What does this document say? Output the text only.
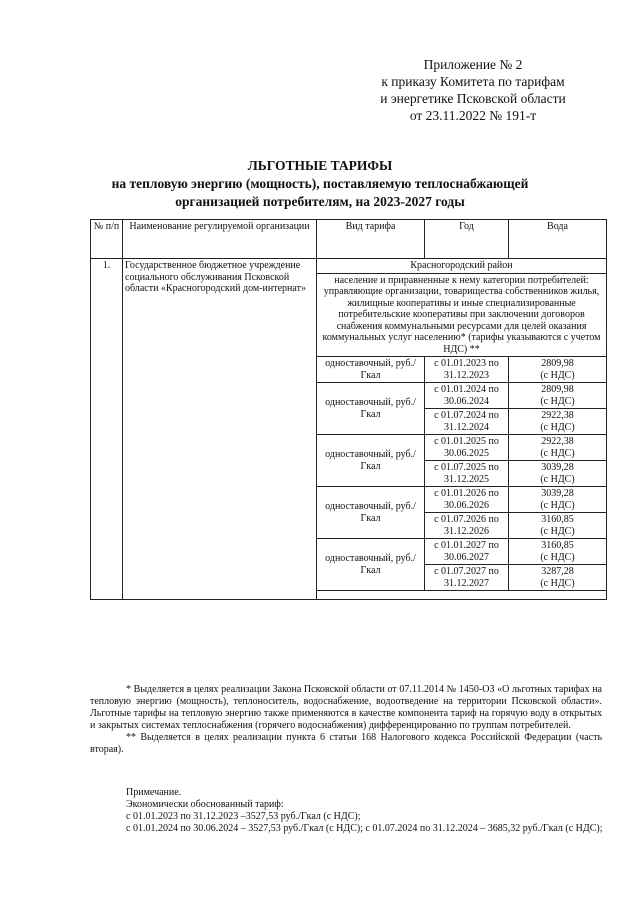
Приложение № 2
к приказу Комитета по тарифам
и энергетике Псковской области
от 23.11.2022 № 191-т
ЛЬГОТНЫЕ ТАРИФЫ
на тепловую энергию (мощность), поставляемую теплоснабжающей
организацией потребителям, на 2023-2027 годы
№ п/п	Наименование регулируемой организации	Вид тарифа	Год	Вода
1.	Государственное бюджетное учреждение социального обслуживания Псковской области «Красногородский дом-интернат»	Красногородский район		
		население и приравненные к нему категории потребителей: управляющие организации, товарищества собственников жилья, жилищные кооперативы и иные специализированные потребительские кооперативы при заключении договоров снабжения коммунальными ресурсами для целей оказания коммунальных услуг населению* (тарифы указываются с учетом НДС) **		
		одноставочный, руб./Гкал	с 01.01.2023 по 31.12.2023	2809,98
(с НДС)
		одноставочный, руб./Гкал	с 01.01.2024 по 30.06.2024	2809,98
(с НДС)
			с 01.07.2024 по 31.12.2024	2922,38
(с НДС)
		одноставочный, руб./Гкал	с 01.01.2025 по 30.06.2025	2922,38
(с НДС)
			с 01.07.2025 по 31.12.2025	3039,28
(с НДС)
		одноставочный, руб./Гкал	с 01.01.2026 по 30.06.2026	3039,28
(с НДС)
			с 01.07.2026 по 31.12.2026	3160,85
(с НДС)
		одноставочный, руб./Гкал	с 01.01.2027 по 30.06.2027	3160,85
(с НДС)
			с 01.07.2027 по 31.12.2027	3287,28
(с НДС)

* Выделяется в целях реализации Закона Псковской области от 07.11.2014 № 1450-ОЗ «О льготных тарифах на тепловую энергию (мощность), теплоноситель, водоснабжение, водоотведение на территории Псковской области». Льготные тарифы на тепловую энергию также применяются в качестве компонента тариф на горячую воду в открытых и закрытых системах теплоснабжения (горячего водоснабжения) дифференцированно по группам потребителей.

** Выделяется в целях реализации пункта 6 статьи 168 Налогового кодекса Российской Федерации (часть вторая).

Примечание.
Экономически обоснованный тариф:
с 01.01.2023 по 31.12.2023 –3527,53 руб./Гкал (с НДС);
с 01.01.2024 по 30.06.2024 – 3527,53 руб./Гкал (с НДС); с 01.07.2024 по 31.12.2024 – 3685,32 руб./Гкал (с НДС);
